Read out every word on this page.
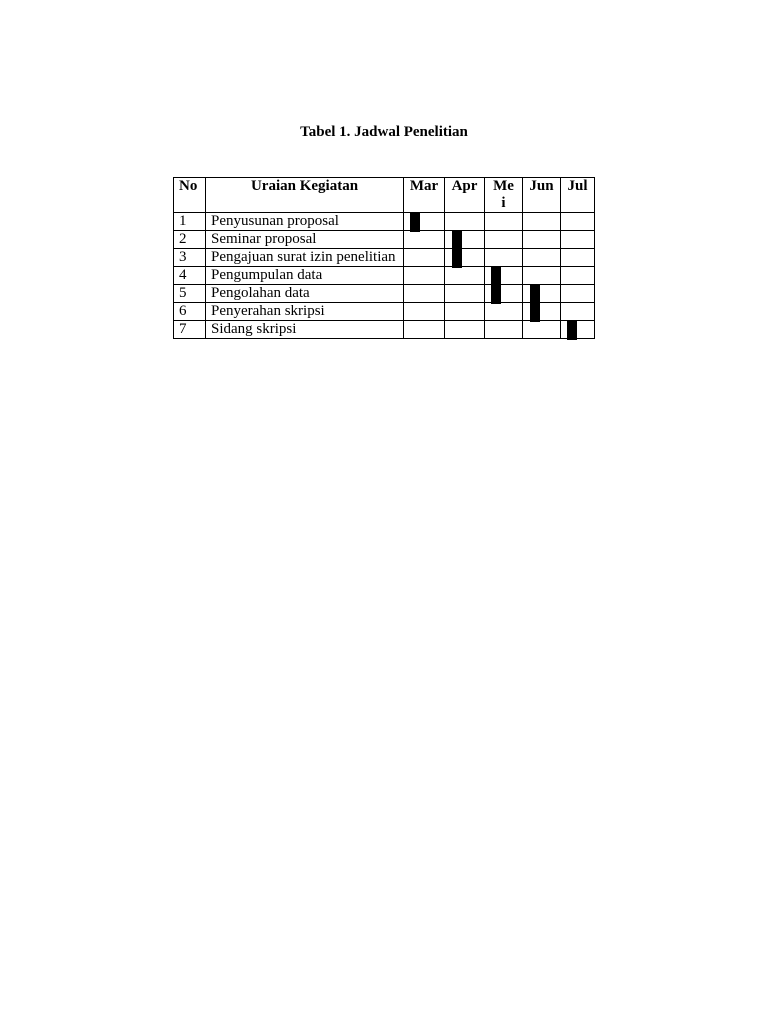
Tabel 1. Jadwal Penelitian
No	Uraian Kegiatan	Mar	Apr	Me i	Jun	Jul
1	Penyusunan proposal	

2	Seminar proposal		

3	Pengajuan surat izin penelitian					
4	Pengumpulan data			

5	Pengolahan data				

6	Penyerahan skripsi					
7	Sidang skripsi					
